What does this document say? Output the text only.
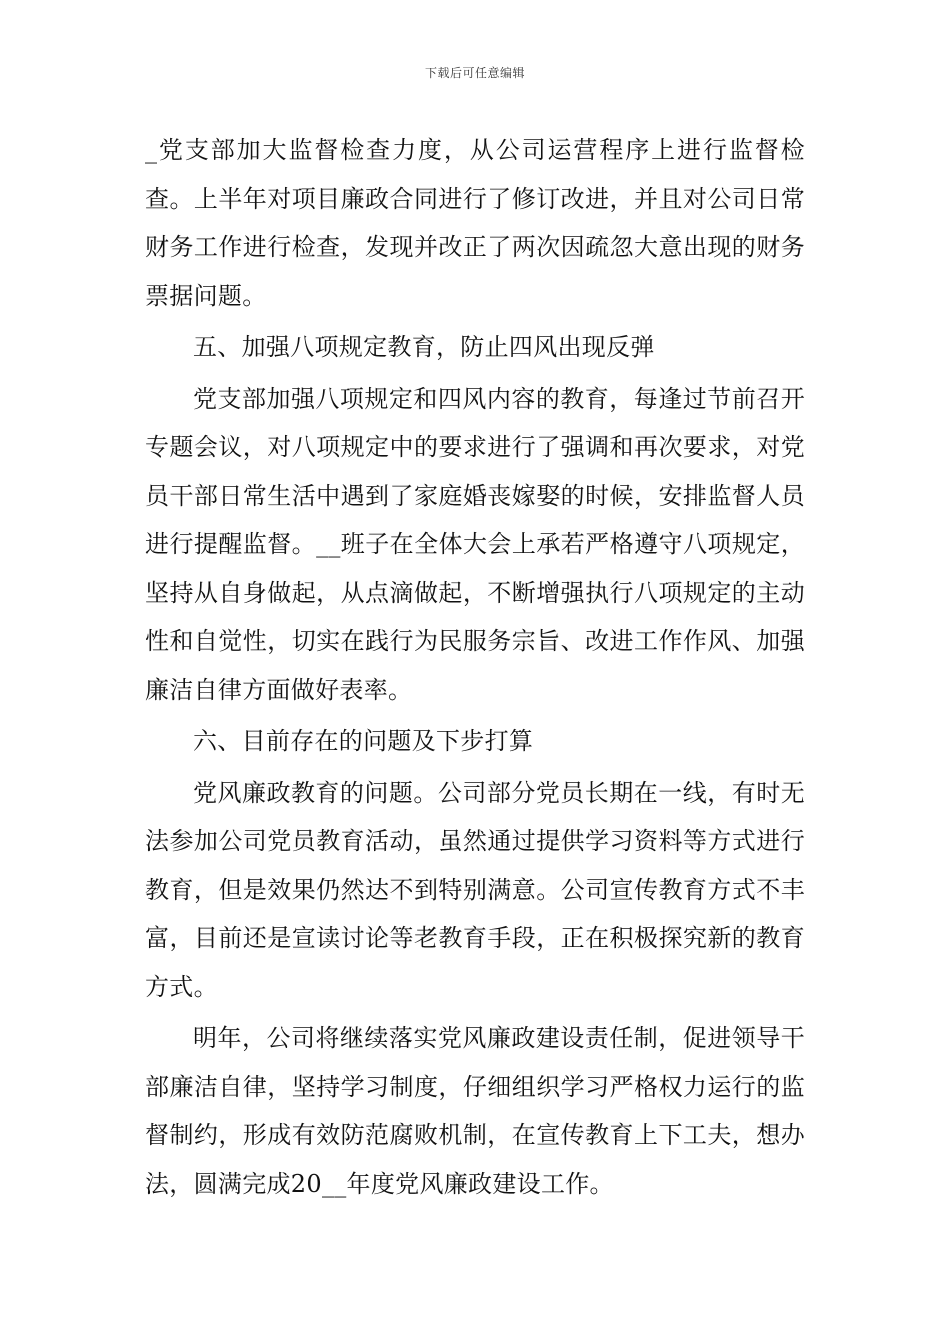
下载后可任意编辑

_党支部加大监督检查力度，从公司运营程序上进行监督检查。上半年对项目廉政合同进行了修订改进，并且对公司日常财务工作进行检查，发现并改正了两次因疏忽大意出现的财务票据问题。

五、加强八项规定教育，防止四风出现反弹

党支部加强八项规定和四风内容的教育，每逢过节前召开专题会议，对八项规定中的要求进行了强调和再次要求，对党员干部日常生活中遇到了家庭婚丧嫁娶的时候，安排监督人员进行提醒监督。__班子在全体大会上承若严格遵守八项规定，坚持从自身做起，从点滴做起，不断增强执行八项规定的主动性和自觉性，切实在践行为民服务宗旨、改进工作作风、加强廉洁自律方面做好表率。

六、目前存在的问题及下步打算

党风廉政教育的问题。公司部分党员长期在一线，有时无法参加公司党员教育活动，虽然通过提供学习资料等方式进行教育，但是效果仍然达不到特别满意。公司宣传教育方式不丰富，目前还是宣读讨论等老教育手段，正在积极探究新的教育方式。

明年，公司将继续落实党风廉政建设责任制，促进领导干部廉洁自律，坚持学习制度，仔细组织学习严格权力运行的监督制约，形成有效防范腐败机制，在宣传教育上下工夫，想办法，圆满完成20__年度党风廉政建设工作。
